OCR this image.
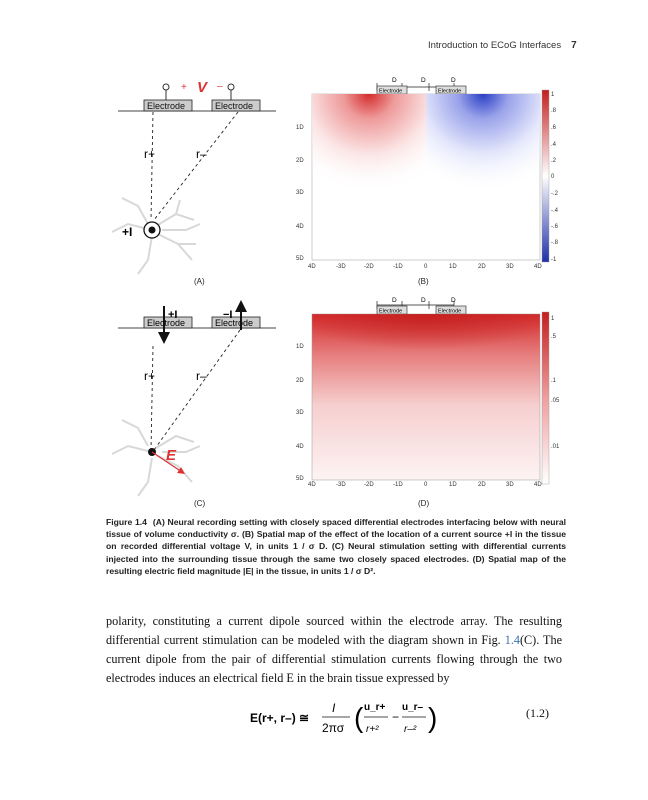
Introduction to ECoG Interfaces 7
+ V –
Electrode	Electrode
r+	r–
+I
(A)
D	D	D
Electrode	Electrode
1D
2D
3D
4D
5D
4D	-3D	-2D	-1D	0	1D	2D	3D	4D
1
.8
.6
.4
.2
0
-.2
-.4
-.6
-.8
-1
(B)
Electrode	Electrode
+I	−I
r+	r–
E
(C)
D	D	D
Electrode	Electrode
1D
2D
3D
4D
5D
4D	-3D	-2D	-1D	0	1D	2D	3D	4D
1
.5
.1
.05
.01
(D)
Figure 1.4 (A) Neural recording setting with closely spaced differential electrodes interfacing below with neural tissue of volume conductivity σ. (B) Spatial map of the effect of the location of a current source +I in the tissue on recorded differential voltage V, in units 1 / σ D. (C) Neural stimulation setting with differential currents injected into the surrounding tissue through the same two closely spaced electrodes. (D) Spatial map of the resulting electric field magnitude |E| in the tissue, in units 1 / σ D².
polarity, constituting a current dipole sourced within the electrode array. The resulting differential current stimulation can be modeled with the diagram shown in Fig. 1.4(C). The current dipole from the pair of differential stimulation currents flowing through the two electrodes induces an electrical field E in the brain tissue expressed by
E(r+, r–) ≅
I
2πσ ( u_r+
r+²
−
u_r–
r–² )	(1.2)
